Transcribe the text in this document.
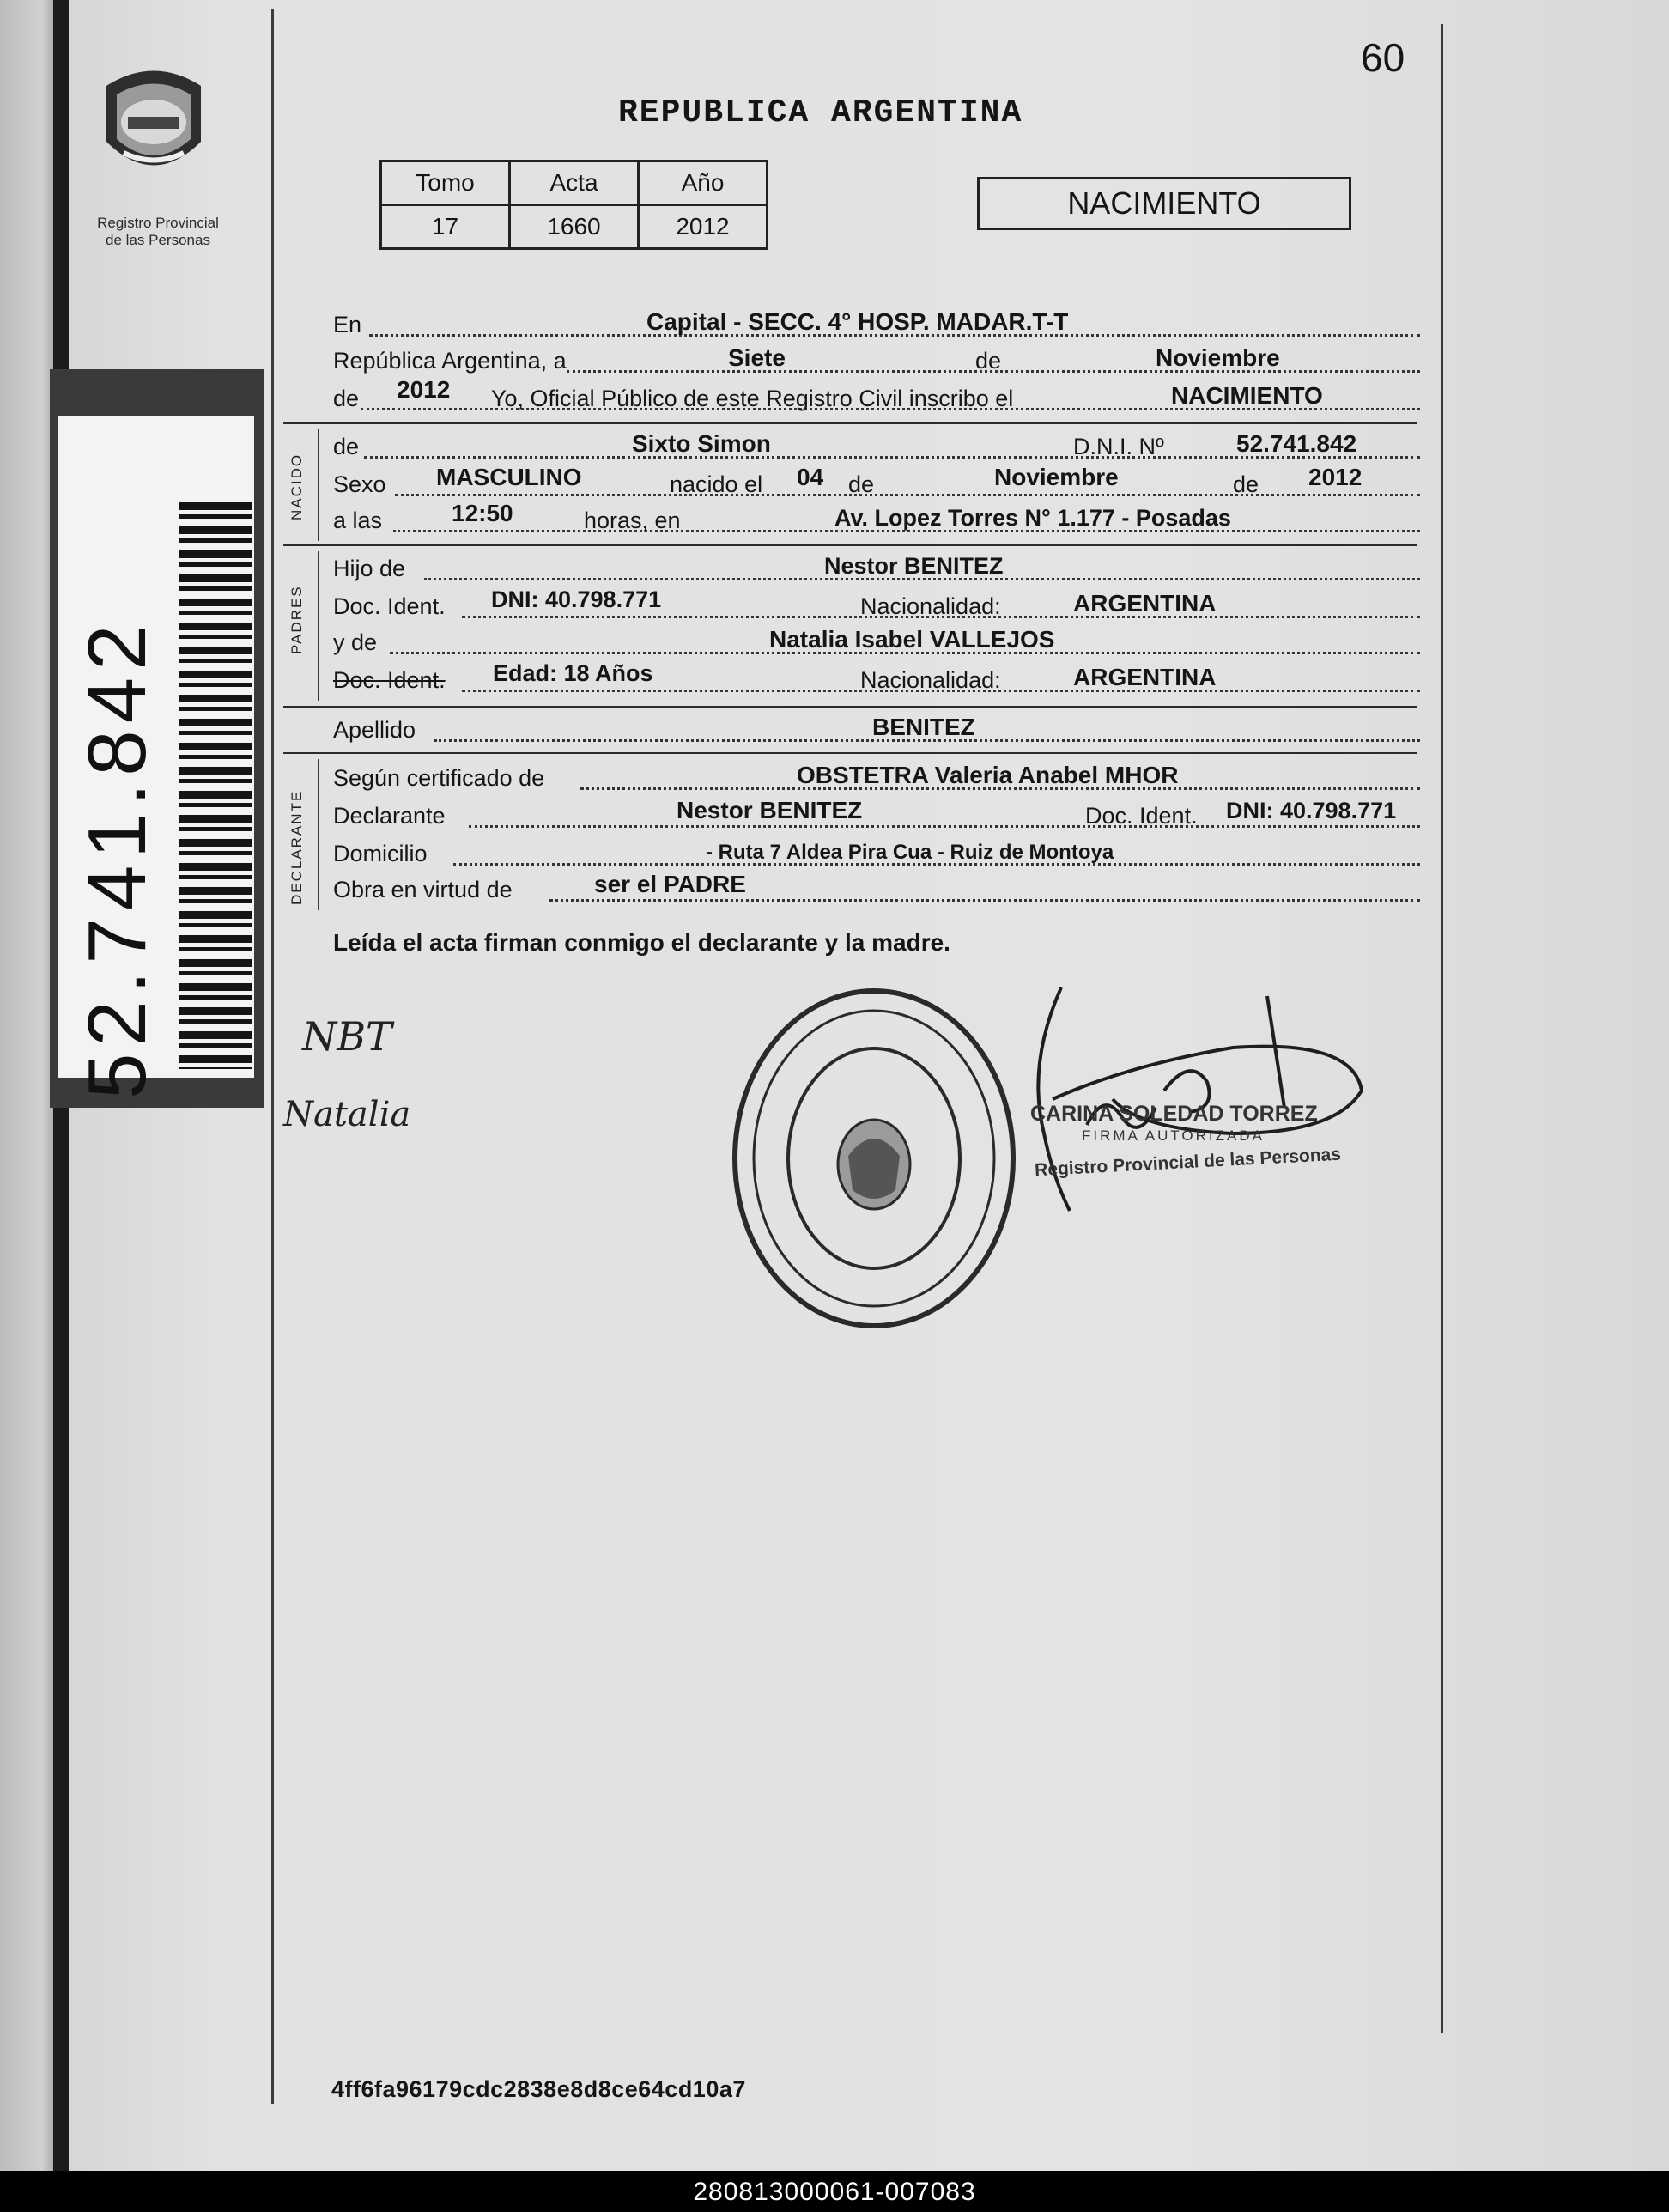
Registro Provincial
de las Personas
52.741.842
60
REPUBLICA ARGENTINA
Tomo	Acta	Año
17	1660	2012
NACIMIENTO
En	Capital - SECC. 4° HOSP. MADAR.T-T
República Argentina, a	Siete	de	Noviembre
de 2012 Yo, Oficial Público de este Registro Civil inscribo el	NACIMIENTO
NACIDO
de	Sixto Simon	D.N.I. Nº	52.741.842
Sexo MASCULINO	nacido el 04 de	Noviembre	de 2012
a las	12:50	horas, en	Av. Lopez Torres N° 1.177 - Posadas
PADRES
Hijo de	Nestor BENITEZ
Doc. Ident. DNI: 40.798.771	Nacionalidad:	ARGENTINA
y de	Natalia Isabel VALLEJOS
Doc. Ident. Edad: 18 Años	Nacionalidad:	ARGENTINA
Apellido	BENITEZ
DECLARANTE
Según certificado de	OBSTETRA Valeria Anabel MHOR
Declarante	Nestor BENITEZ	Doc. Ident. DNI: 40.798.771
Domicilio	- Ruta 7 Aldea Pira Cua - Ruiz de Montoya
Obra en virtud de	ser el PADRE
Leída el acta firman conmigo el declarante y la madre.
NBT
Natalia	CARINA SOLEDAD TORREZ
FIRMA AUTORIZADA
Registro Provincial de las Personas
4ff6fa96179cdc2838e8d8ce64cd10a7
280813000061-007083
